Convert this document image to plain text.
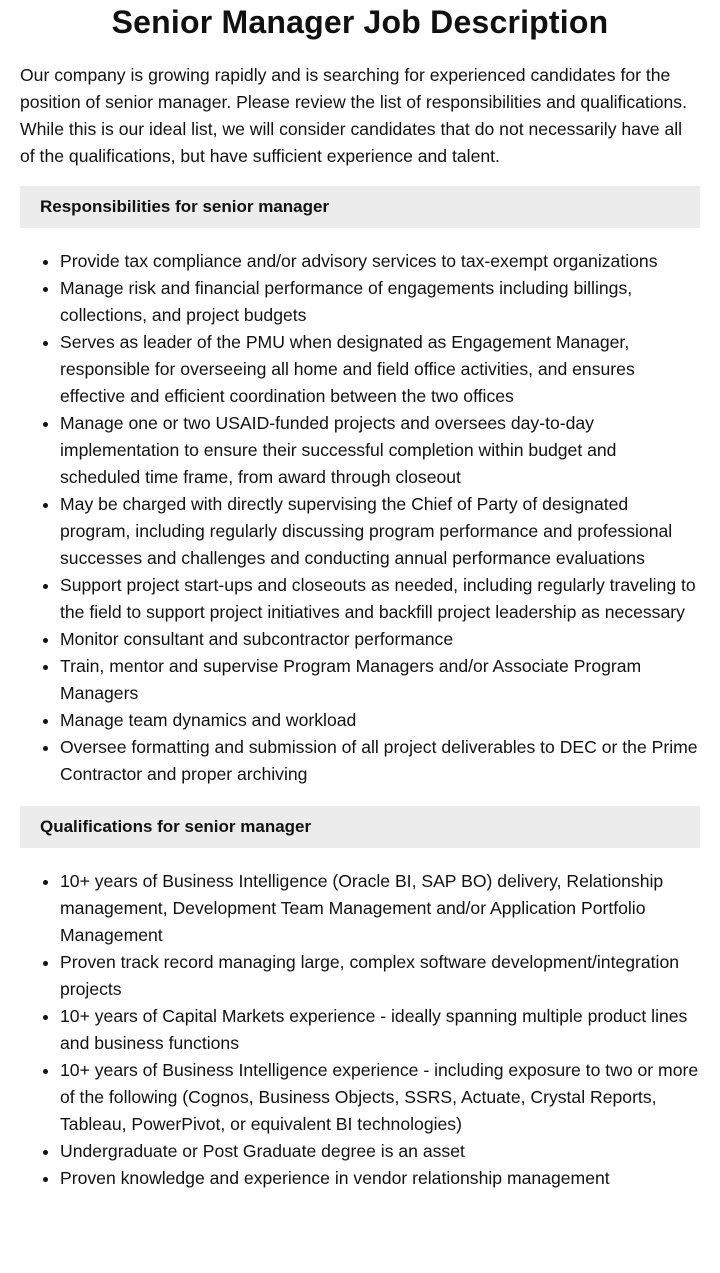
Senior Manager Job Description

Our company is growing rapidly and is searching for experienced candidates for the position of senior manager. Please review the list of responsibilities and qualifications. While this is our ideal list, we will consider candidates that do not necessarily have all of the qualifications, but have sufficient experience and talent.

Responsibilities for senior manager
• Provide tax compliance and/or advisory services to tax-exempt organizations
• Manage risk and financial performance of engagements including billings, collections, and project budgets
• Serves as leader of the PMU when designated as Engagement Manager, responsible for overseeing all home and field office activities, and ensures effective and efficient coordination between the two offices
• Manage one or two USAID-funded projects and oversees day-to-day implementation to ensure their successful completion within budget and scheduled time frame, from award through closeout
• May be charged with directly supervising the Chief of Party of designated program, including regularly discussing program performance and professional successes and challenges and conducting annual performance evaluations
• Support project start-ups and closeouts as needed, including regularly traveling to the field to support project initiatives and backfill project leadership as necessary
• Monitor consultant and subcontractor performance
• Train, mentor and supervise Program Managers and/or Associate Program Managers
• Manage team dynamics and workload
• Oversee formatting and submission of all project deliverables to DEC or the Prime Contractor and proper archiving
Qualifications for senior manager
• 10+ years of Business Intelligence (Oracle BI, SAP BO) delivery, Relationship management, Development Team Management and/or Application Portfolio Management
• Proven track record managing large, complex software development/integration projects
• 10+ years of Capital Markets experience - ideally spanning multiple product lines and business functions
• 10+ years of Business Intelligence experience - including exposure to two or more of the following (Cognos, Business Objects, SSRS, Actuate, Crystal Reports, Tableau, PowerPivot, or equivalent BI technologies)
• Undergraduate or Post Graduate degree is an asset
• Proven knowledge and experience in vendor relationship management
